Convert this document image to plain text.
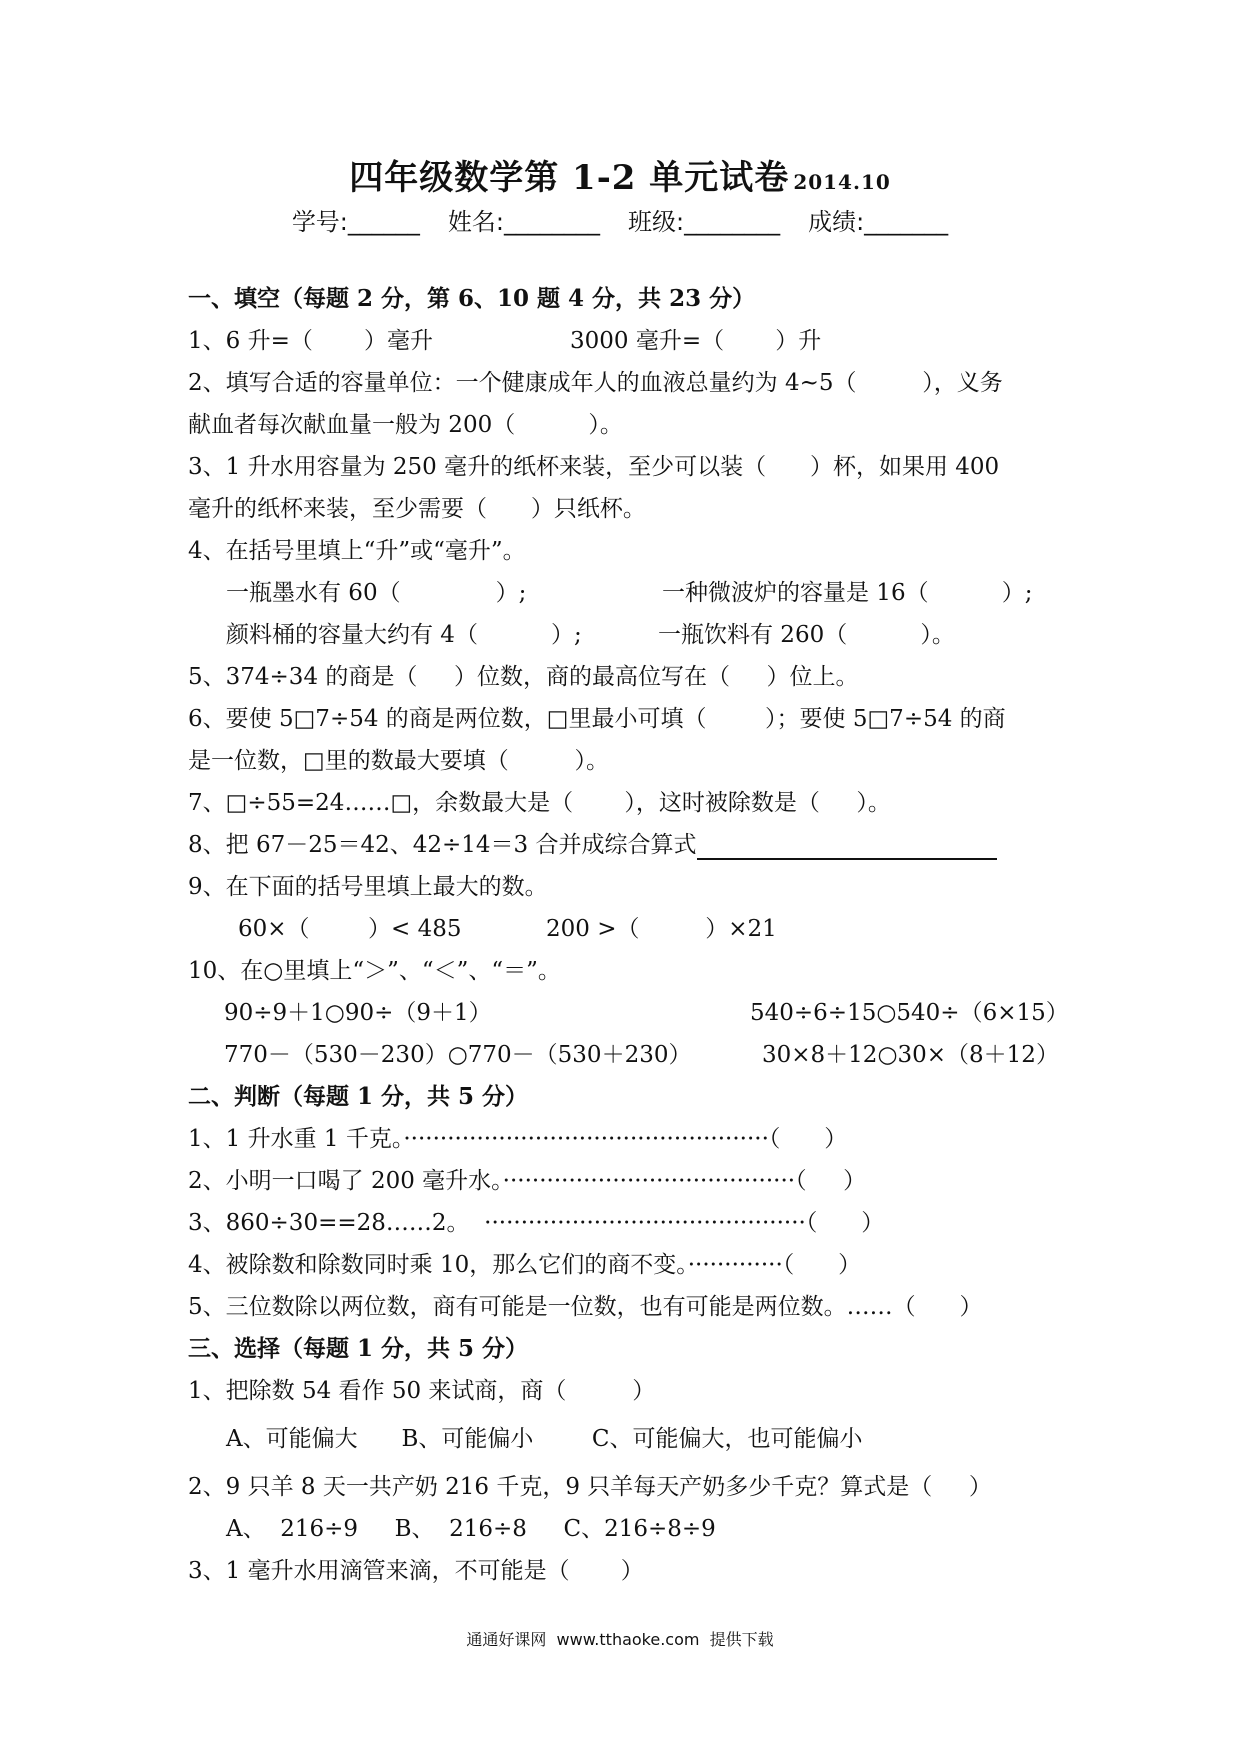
四年级数学第 1-2 单元试卷 2014.10
学号:______ 姓名:________ 班级:________ 成绩:_______
一、填空（每题 2 分，第 6、10 题 4 分，共 23 分）
1、6 升=（       ）毫升	3000 毫升=（       ）升
2、填写合适的容量单位：一个健康成年人的血液总量约为 4~5（         ），义务
献血者每次献血量一般为 200（          ）。
3、1 升水用容量为 250 毫升的纸杯来装，至少可以装（      ）杯，如果用 400
毫升的纸杯来装，至少需要（      ）只纸杯。
4、在括号里填上“升”或“毫升”。
一瓶墨水有 60（             ）;	一种微波炉的容量是 16（          ）;
颜料桶的容量大约有 4（          ）;	一瓶饮料有 260（          ）。
5、374÷34 的商是（     ）位数，商的最高位写在（     ）位上。
6、要使 5□7÷54 的商是两位数，□里最小可填（        ）；要使 5□7÷54 的商
是一位数，□里的数最大要填（         ）。
7、□÷55=24……□，余数最大是（       ），这时被除数是（     ）。
8、把 67－25＝42、42÷14＝3 合并成综合算式
9、在下面的括号里填上最大的数。
60×（        ）< 485	200 >（         ）×21
10、在○里填上“＞”、“＜”、“＝”。
90÷9＋1○90÷（9＋1）	540÷6÷15○540÷（6×15）
770－（530－230）○770－（530＋230）	30×8＋12○30×（8＋12）
二、判断（每题 1 分，共 5 分）
1、1 升水重 1 千克。··················································（      ）
2、小明一口喝了 200 毫升水。········································（     ）
3、860÷30==28……2。  ············································（      ）
4、被除数和除数同时乘 10，那么它们的商不变。·············（      ）
5、三位数除以两位数，商有可能是一位数，也有可能是两位数。……（      ）
三、选择（每题 1 分，共 5 分）
1、把除数 54 看作 50 来试商，商（         ）
A、可能偏大      B、可能偏小        C、可能偏大，也可能偏小
2、9 只羊 8 天一共产奶 216 千克，9 只羊每天产奶多少千克？算式是（     ）
A、  216÷9     B、  216÷8     C、216÷8÷9
3、1 毫升水用滴管来滴，不可能是（       ）
通通好课网  www.tthaoke.com  提供下载
